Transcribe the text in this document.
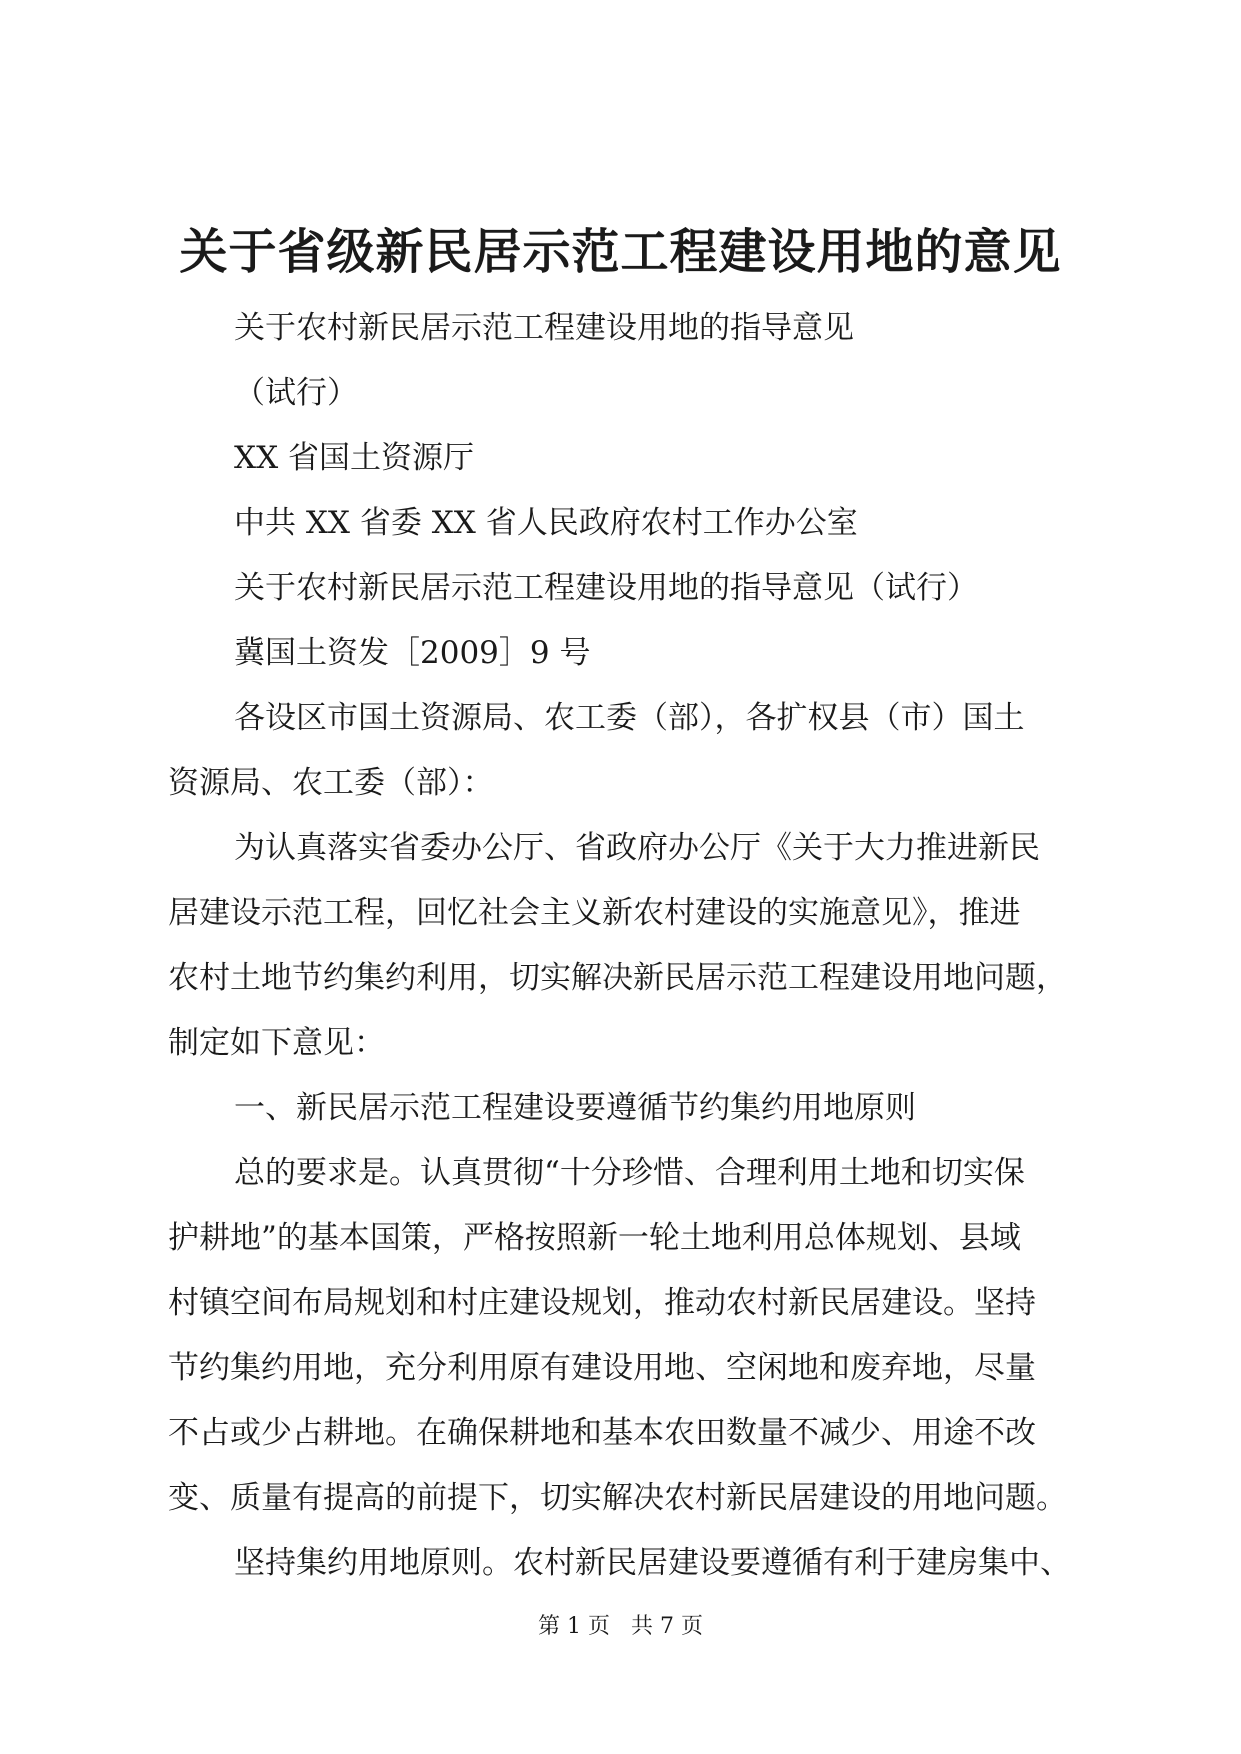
关于省级新民居示范工程建设用地的意见
关于农村新民居示范工程建设用地的指导意见
（试行）
XX 省国土资源厅
中共 XX 省委 XX 省人民政府农村工作办公室
关于农村新民居示范工程建设用地的指导意见（试行）
冀国土资发［2009］9 号
各设区市国土资源局、农工委（部），各扩权县（市）国土
资源局、农工委（部）：
为认真落实省委办公厅、省政府办公厅《关于大力推进新民
居建设示范工程，回忆社会主义新农村建设的实施意见》，推进
农村土地节约集约利用，切实解决新民居示范工程建设用地问题，
制定如下意见：
一、新民居示范工程建设要遵循节约集约用地原则
总的要求是。认真贯彻“十分珍惜、合理利用土地和切实保
护耕地”的基本国策，严格按照新一轮土地利用总体规划、县域
村镇空间布局规划和村庄建设规划，推动农村新民居建设。坚持
节约集约用地，充分利用原有建设用地、空闲地和废弃地，尽量
不占或少占耕地。在确保耕地和基本农田数量不减少、用途不改
变、质量有提高的前提下，切实解决农村新民居建设的用地问题。
坚持集约用地原则。农村新民居建设要遵循有利于建房集中、
第 1 页 共 7 页
